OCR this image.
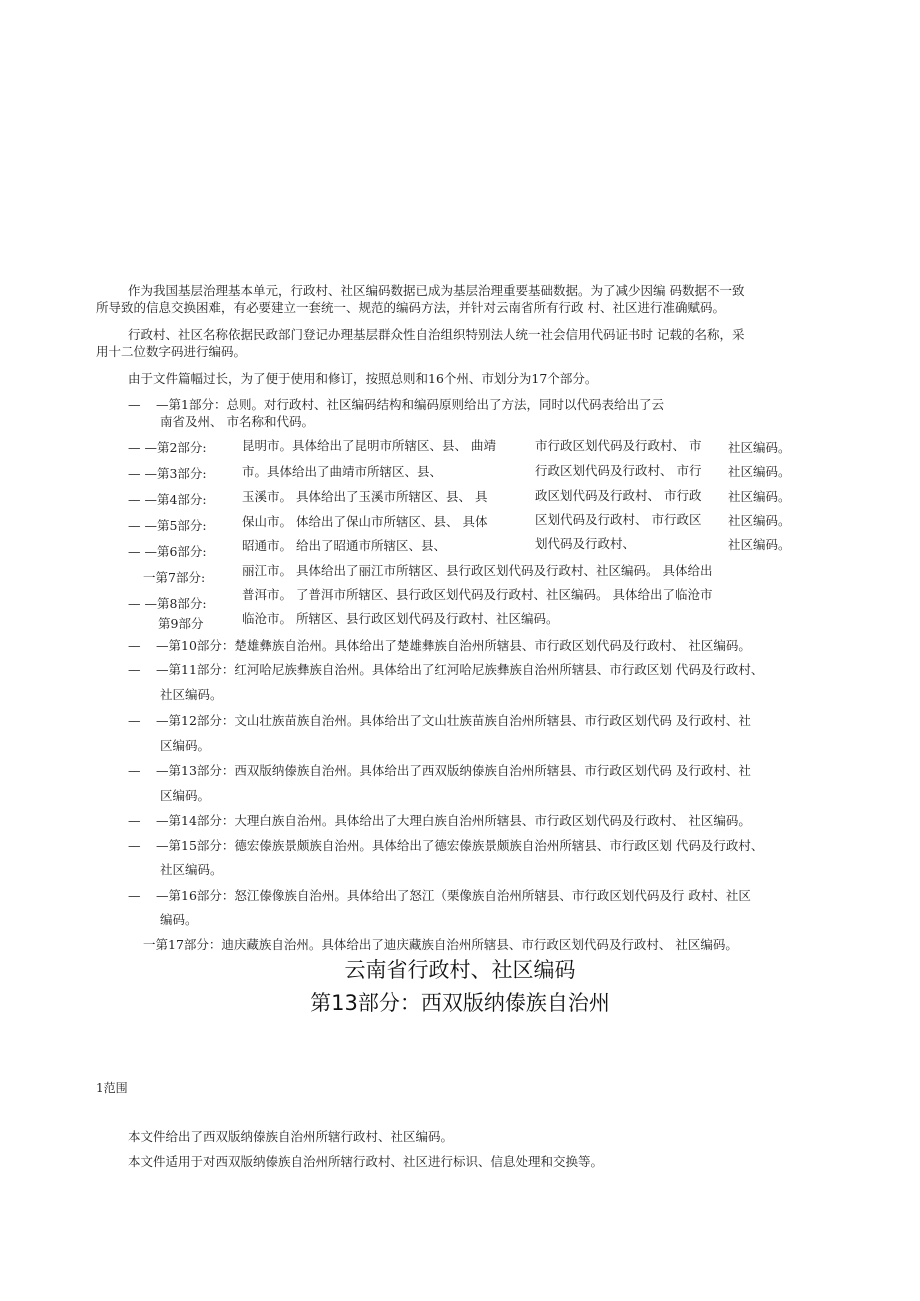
作为我国基层治理基本单元，行政村、社区编码数据已成为基层治理重要基础数据。为了减少因编 码数据不一致
所导致的信息交换困难，有必要建立一套统一、规范的编码方法，并针对云南省所有行政 村、社区进行准确赋码。
行政村、社区名称依据民政部门登记办理基层群众性自治组织特别法人统一社会信用代码证书时 记载的名称，采
用十二位数字码进行编码。
由于文件篇幅过长，为了便于使用和修订，按照总则和16个州、市划分为17个部分。
— —第1部分：总则。对行政村、社区编码结构和编码原则给出了方法，同时以代码表给出了云
南省及州、 市名称和代码。
— —第2部分:
— —第3部分:
— —第4部分:
— —第5部分:
— —第6部分:
一第7部分:
— —第8部分:
第9部分
昆明市。具体给出了昆明市所辖区、县、 曲靖
市。具体给出了曲靖市所辖区、县、
玉溪市。 具体给出了玉溪市所辖区、县、 具
保山市。 体给出了保山市所辖区、县、 具体
昭通市。 给出了昭通市所辖区、县、
丽江市。 具体给出了丽江市所辖区、县行政区划代码及行政村、社区编码。 具体给出
普洱市。 了普洱市所辖区、县行政区划代码及行政村、社区编码。 具体给出了临沧市
临沧市。 所辖区、县行政区划代码及行政村、社区编码。
市行政区划代码及行政村、 市
行政区划代码及行政村、 市行
政区划代码及行政村、 市行政
区划代码及行政村、 市行政区
划代码及行政村、
社区编码。
社区编码。
社区编码。
社区编码。
社区编码。
— —第10部分：楚雄彝族自治州。具体给出了楚雄彝族自治州所辖县、市行政区划代码及行政村、 社区编码。
— —第11部分：红河哈尼族彝族自治州。具体给出了红河哈尼族彝族自治州所辖县、市行政区划 代码及行政村、
社区编码。
— —第12部分：文山壮族苗族自治州。具体给出了文山壮族苗族自治州所辖县、市行政区划代码 及行政村、社
区编码。
— —第13部分：西双版纳傣族自治州。具体给出了西双版纳傣族自治州所辖县、市行政区划代码 及行政村、社
区编码。
— —第14部分：大理白族自治州。具体给出了大理白族自治州所辖县、市行政区划代码及行政村、 社区编码。
— —第15部分：德宏傣族景颇族自治州。具体给出了德宏傣族景颇族自治州所辖县、市行政区划 代码及行政村、
社区编码。
— —第16部分：怒江傣像族自治州。具体给出了怒江（栗像族自治州所辖县、市行政区划代码及行 政村、社区
编码。
一第17部分：迪庆藏族自治州。具体给出了迪庆藏族自治州所辖县、市行政区划代码及行政村、 社区编码。
云南省行政村、社区编码
第13部分：西双版纳傣族自治州
1范围
本文件给出了西双版纳傣族自治州所辖行政村、社区编码。
本文件适用于对西双版纳傣族自治州所辖行政村、社区进行标识、信息处理和交换等。
